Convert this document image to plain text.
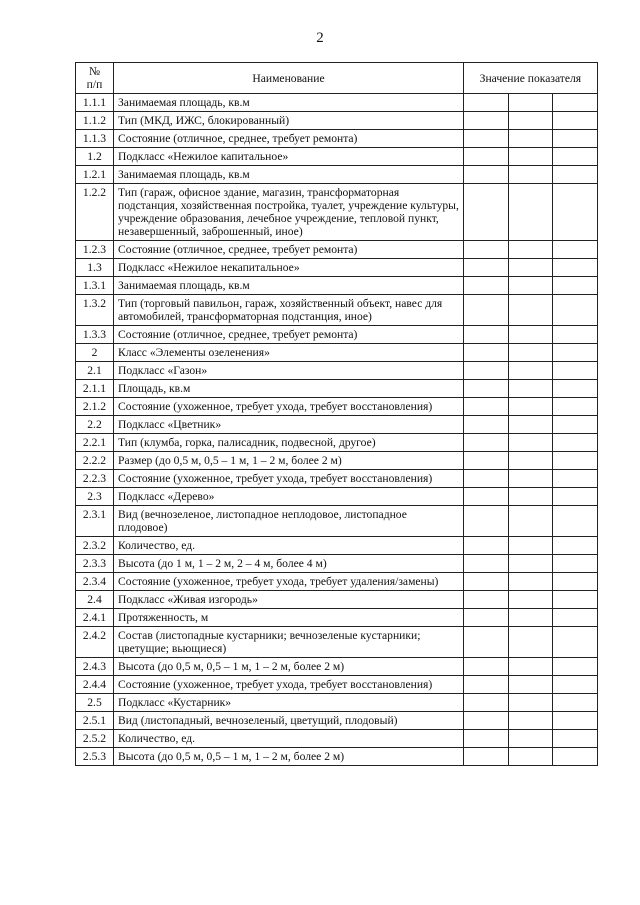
2
№
п/п	Наименование	Значение показателя		
1.1.1	Занимаемая площадь, кв.м			
1.1.2	Тип (МКД, ИЖС, блокированный)			
1.1.3	Состояние (отличное, среднее, требует ремонта)			
1.2	Подкласс «Нежилое капитальное»			
1.2.1	Занимаемая площадь, кв.м			
1.2.2	Тип (гараж, офисное здание, магазин, трансформаторная подстанция, хозяйственная постройка, туалет, учреждение культуры, учреждение образования, лечебное учреждение, тепловой пункт, незавершенный, заброшенный, иное)			
1.2.3	Состояние (отличное, среднее, требует ремонта)			
1.3	Подкласс «Нежилое некапитальное»			
1.3.1	Занимаемая площадь, кв.м			
1.3.2	Тип (торговый павильон, гараж, хозяйственный объект, навес для автомобилей, трансформаторная подстанция, иное)			
1.3.3	Состояние (отличное, среднее, требует ремонта)			
2	Класс «Элементы озеленения»			
2.1	Подкласс «Газон»			
2.1.1	Площадь, кв.м			
2.1.2	Состояние (ухоженное, требует ухода, требует восстановления)			
2.2	Подкласс «Цветник»			
2.2.1	Тип (клумба, горка, палисадник, подвесной, другое)			
2.2.2	Размер (до 0,5 м, 0,5 – 1 м, 1 – 2 м, более 2 м)			
2.2.3	Состояние (ухоженное, требует ухода, требует восстановления)			
2.3	Подкласс «Дерево»			
2.3.1	Вид (вечнозеленое, листопадное неплодовое, листопадное плодовое)			
2.3.2	Количество, ед.			
2.3.3	Высота (до 1 м, 1 – 2 м, 2 – 4 м, более 4 м)			
2.3.4	Состояние (ухоженное, требует ухода, требует удаления/замены)			
2.4	Подкласс «Живая изгородь»			
2.4.1	Протяженность, м			
2.4.2	Состав (листопадные кустарники; вечнозеленые кустарники; цветущие; вьющиеся)			
2.4.3	Высота (до 0,5 м, 0,5 – 1 м, 1 – 2 м, более 2 м)			
2.4.4	Состояние (ухоженное, требует ухода, требует восстановления)			
2.5	Подкласс «Кустарник»			
2.5.1	Вид (листопадный, вечнозеленый, цветущий, плодовый)			
2.5.2	Количество, ед.			
2.5.3	Высота (до 0,5 м, 0,5 – 1 м, 1 – 2 м, более 2 м)			
